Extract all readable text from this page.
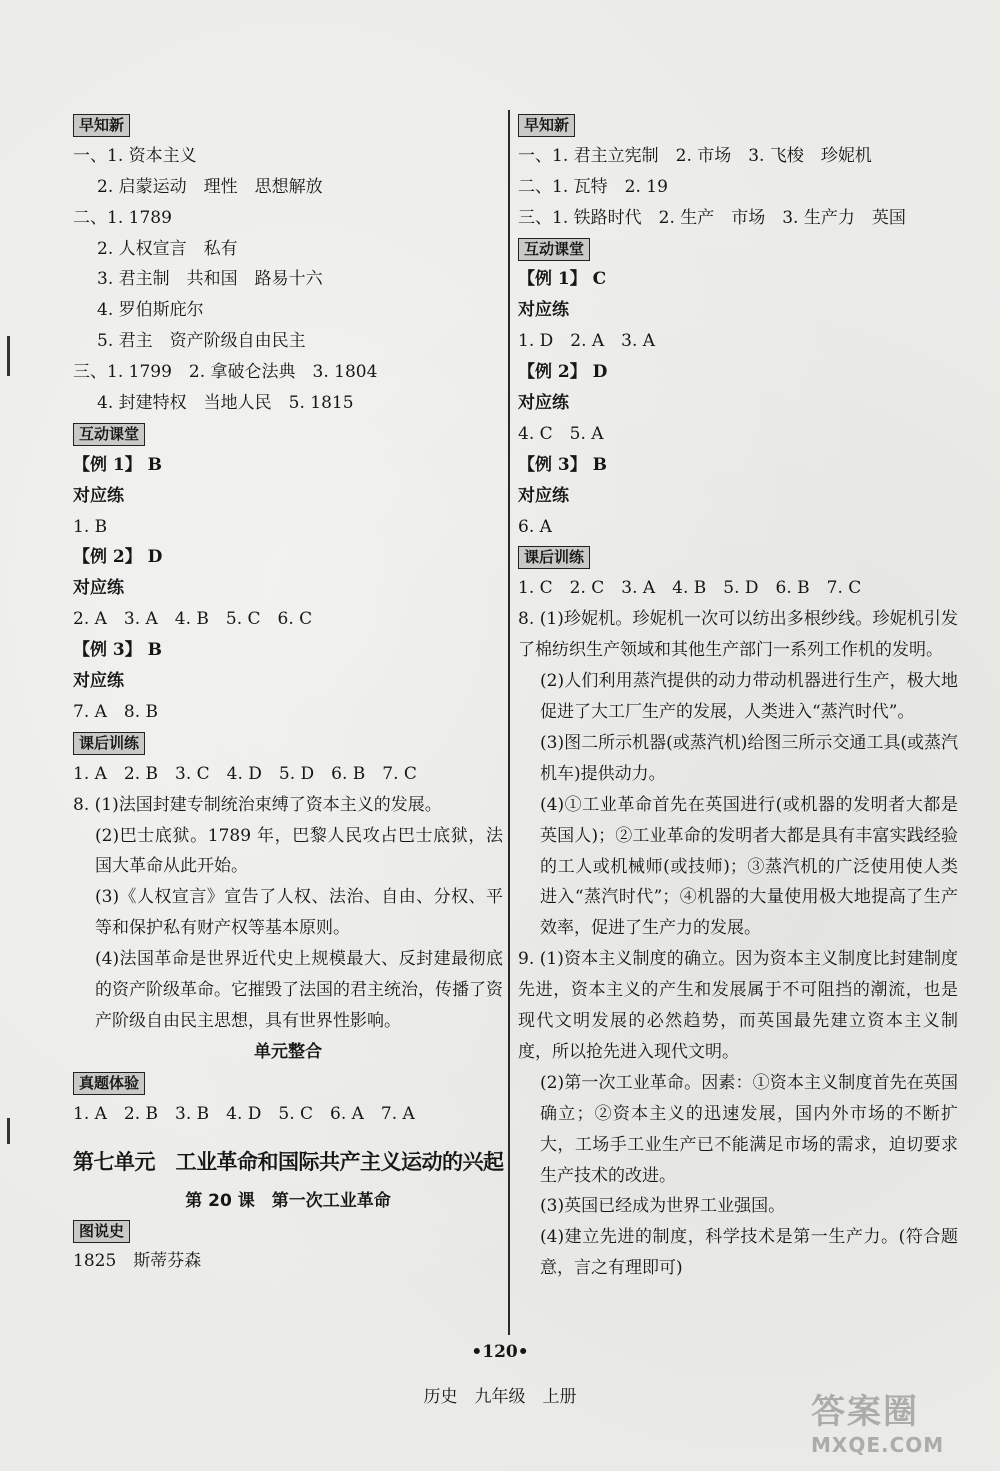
早知新
一、1. 资本主义
2. 启蒙运动　理性　思想解放
二、1. 1789
2. 人权宣言　私有
3. 君主制　共和国　路易十六
4. 罗伯斯庇尔
5. 君主　资产阶级自由民主
三、1. 1799　2. 拿破仑法典　3. 1804
4. 封建特权　当地人民　5. 1815
互动课堂
【例 1】 B
对应练
1. B
【例 2】 D
对应练
2. A　3. A　4. B　5. C　6. C
【例 3】 B
对应练
7. A　8. B
课后训练
1. A　2. B　3. C　4. D　5. D　6. B　7. C
8. (1)法国封建专制统治束缚了资本主义的发展。
(2)巴士底狱。1789 年，巴黎人民攻占巴士底狱，法国大革命从此开始。
(3)《人权宣言》宣告了人权、法治、自由、分权、平等和保护私有财产权等基本原则。
(4)法国革命是世界近代史上规模最大、反封建最彻底的资产阶级革命。它摧毁了法国的君主统治，传播了资产阶级自由民主思想，具有世界性影响。
单元整合
真题体验
1. A　2. B　3. B　4. D　5. C　6. A　7. A
第七单元　工业革命和国际共产主义运动的兴起
第 20 课　第一次工业革命
图说史
1825　斯蒂芬森
早知新
一、1. 君主立宪制　2. 市场　3. 飞梭　珍妮机
二、1. 瓦特　2. 19
三、1. 铁路时代　2. 生产　市场　3. 生产力　英国
互动课堂
【例 1】 C
对应练
1. D　2. A　3. A
【例 2】 D
对应练
4. C　5. A
【例 3】 B
对应练
6. A
课后训练
1. C　2. C　3. A　4. B　5. D　6. B　7. C
8. (1)珍妮机。珍妮机一次可以纺出多根纱线。珍妮机引发了棉纺织生产领域和其他生产部门一系列工作机的发明。
(2)人们利用蒸汽提供的动力带动机器进行生产，极大地促进了大工厂生产的发展，人类进入“蒸汽时代”。
(3)图二所示机器(或蒸汽机)给图三所示交通工具(或蒸汽机车)提供动力。
(4)①工业革命首先在英国进行(或机器的发明者大都是英国人)；②工业革命的发明者大都是具有丰富实践经验的工人或机械师(或技师)；③蒸汽机的广泛使用使人类进入“蒸汽时代”；④机器的大量使用极大地提高了生产效率，促进了生产力的发展。
9. (1)资本主义制度的确立。因为资本主义制度比封建制度先进，资本主义的产生和发展属于不可阻挡的潮流，也是现代文明发展的必然趋势，而英国最先建立资本主义制度，所以抢先进入现代文明。
(2)第一次工业革命。因素：①资本主义制度首先在英国确立；②资本主义的迅速发展，国内外市场的不断扩大，工场手工业生产已不能满足市场的需求，迫切要求生产技术的改进。
(3)英国已经成为世界工业强国。
(4)建立先进的制度，科学技术是第一生产力。(符合题意，言之有理即可)
•120•
历史　九年级　上册	答案圈
MXQE.COM
